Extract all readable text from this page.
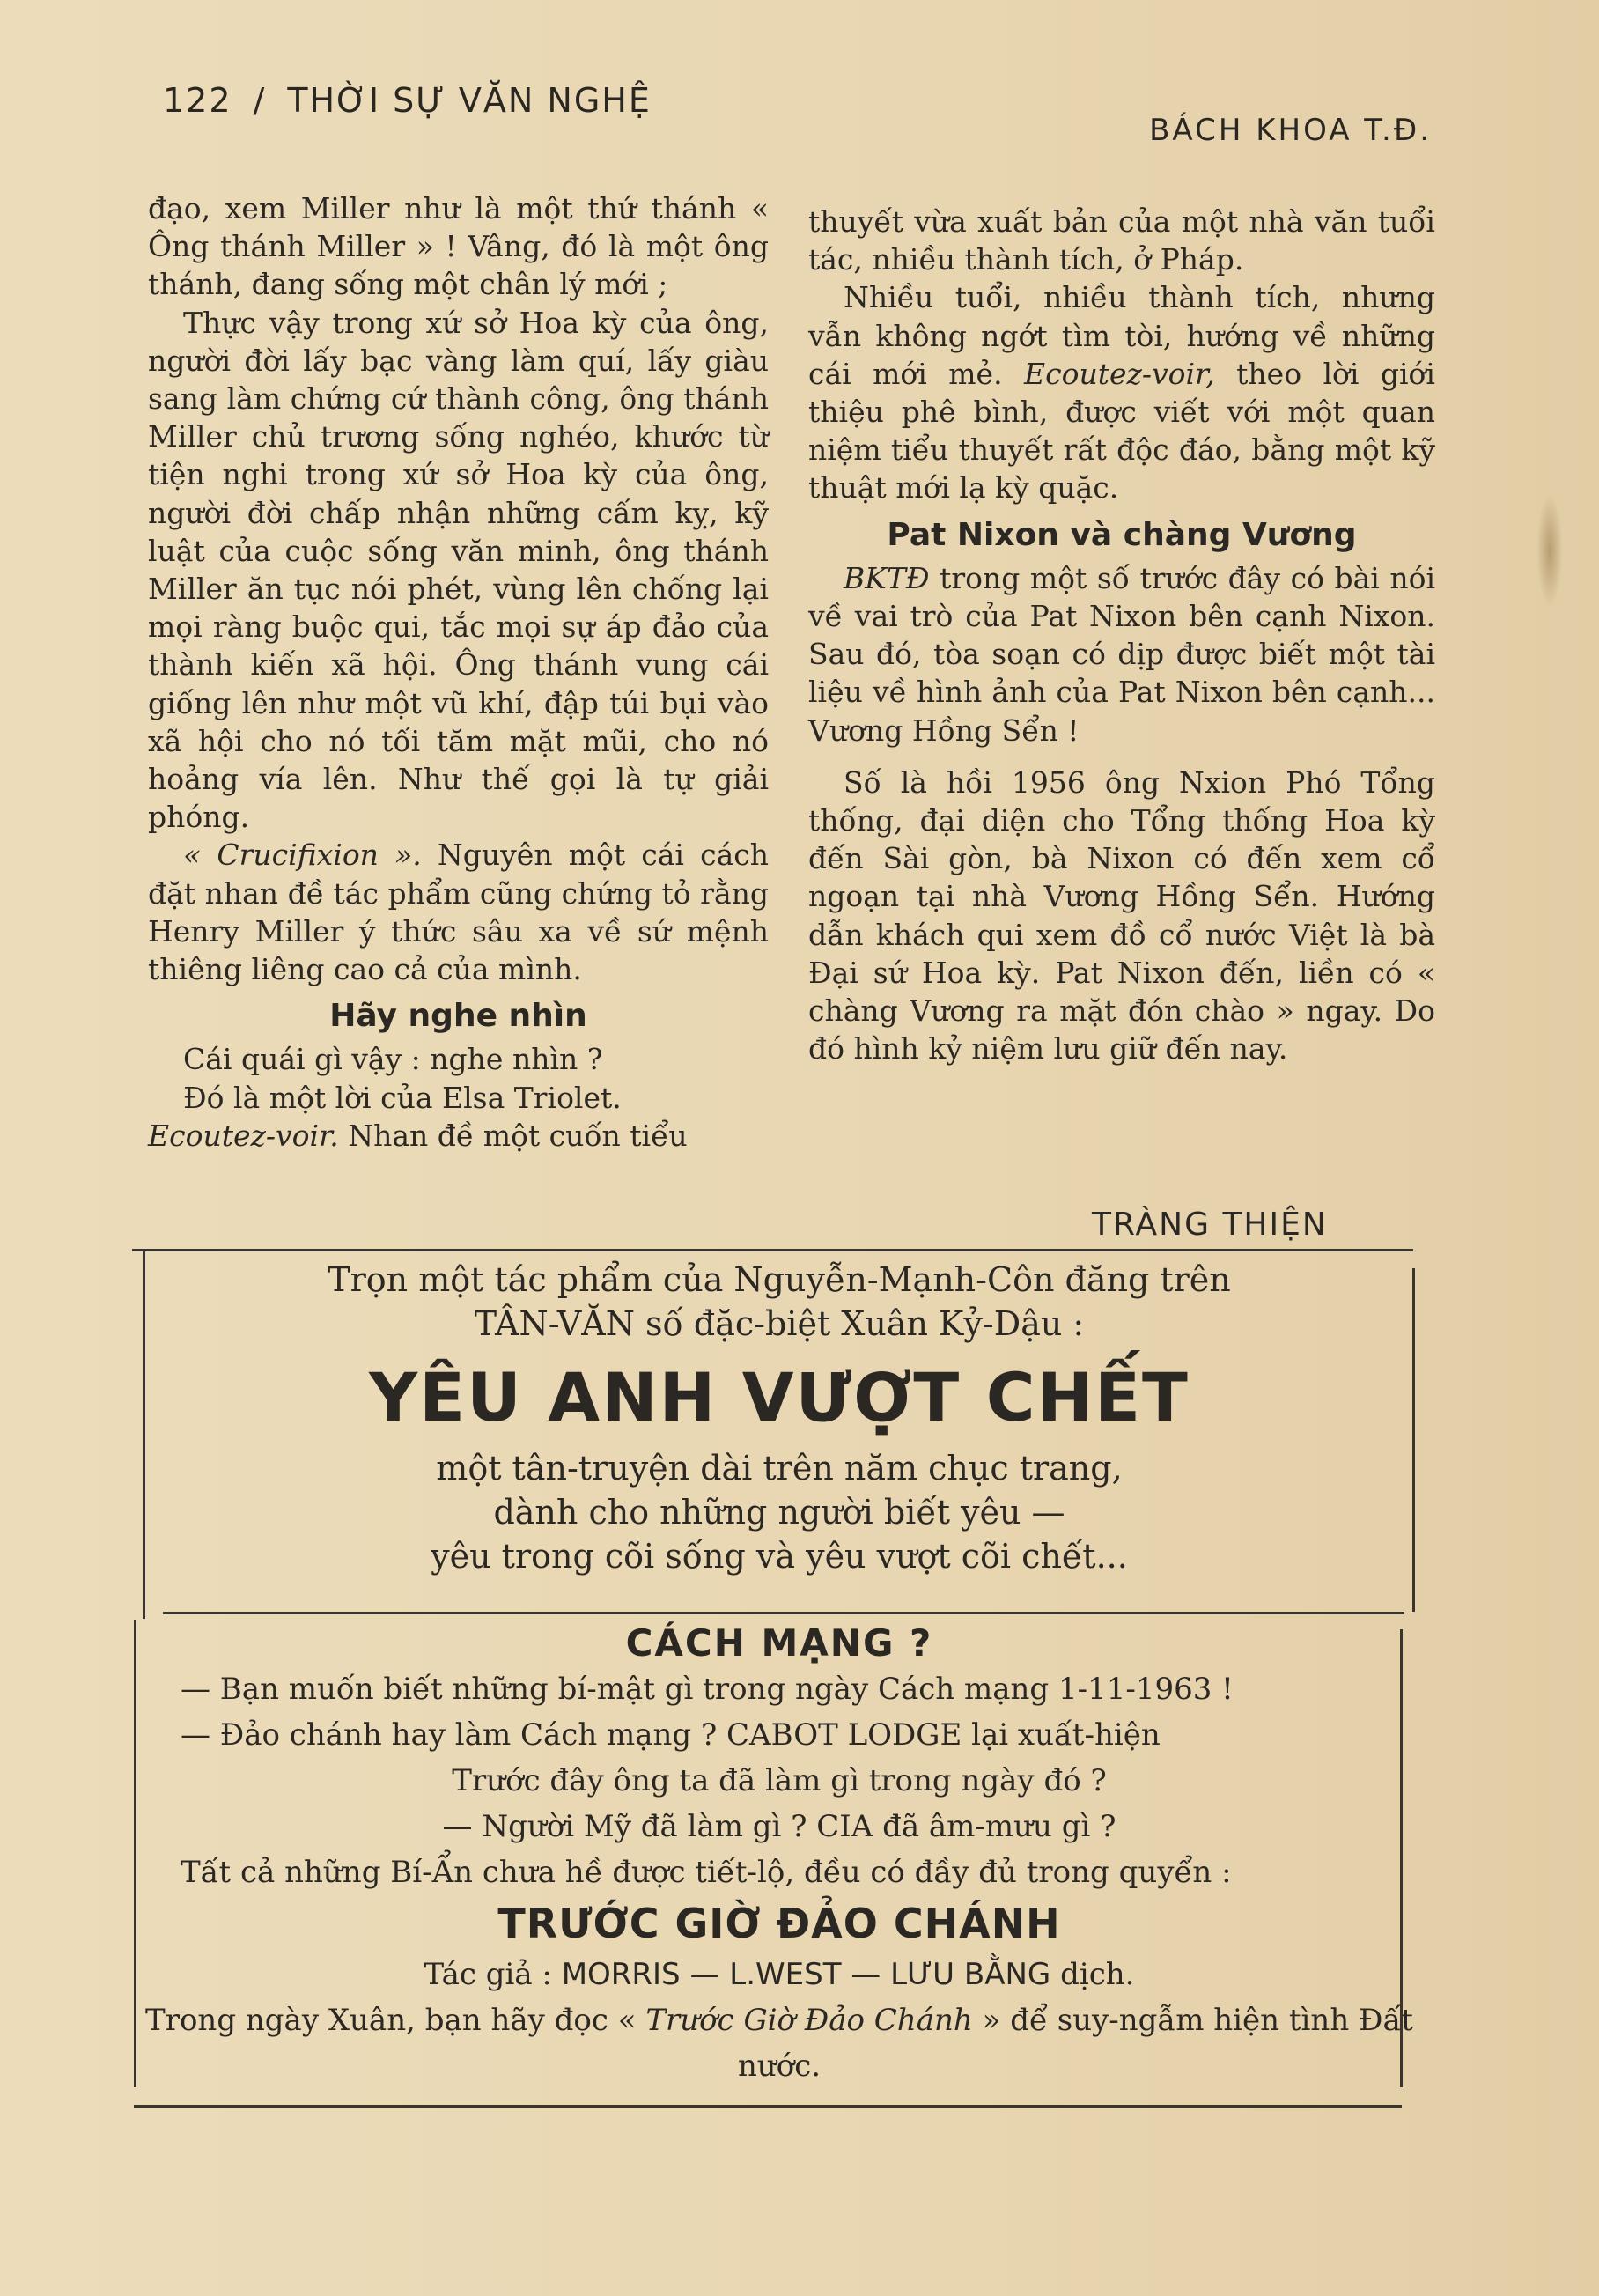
122 / THỜI SỰ VĂN NGHỆ
BÁCH KHOA T.Đ.

đạo, xem Miller như là một thứ thánh « Ông thánh Miller » ! Vâng, đó là một ông thánh, đang sống một chân lý mới ;

Thực vậy trong xứ sở Hoa kỳ của ông, người đời lấy bạc vàng làm quí, lấy giàu sang làm chứng cứ thành công, ông thánh Miller chủ trương sống nghéo, khước từ tiện nghi trong xứ sở Hoa kỳ của ông, người đời chấp nhận những cấm kỵ, kỹ luật của cuộc sống văn minh, ông thánh Miller ăn tục nói phét, vùng lên chống lại mọi ràng buộc qui, tắc mọi sự áp đảo của thành kiến xã hội. Ông thánh vung cái giống lên như một vũ khí, đập túi bụi vào xã hội cho nó tối tăm mặt mũi, cho nó hoảng vía lên. Như thế gọi là tự giải phóng.

« Crucifixion ». Nguyên một cái cách đặt nhan đề tác phẩm cũng chứng tỏ rằng Henry Miller ý thức sâu xa về sứ mệnh thiêng liêng cao cả của mình.

Hãy nghe nhìn

Cái quái gì vậy : nghe nhìn ?

Đó là một lời của Elsa Triolet.

Ecoutez-voir. Nhan đề một cuốn tiểu

thuyết vừa xuất bản của một nhà văn tuổi tác, nhiều thành tích, ở Pháp.

Nhiều tuổi, nhiều thành tích, nhưng vẫn không ngớt tìm tòi, hướng về những cái mới mẻ. Ecoutez-voir, theo lời giới thiệu phê bình, được viết với một quan niệm tiểu thuyết rất độc đáo, bằng một kỹ thuật mới lạ kỳ quặc.

Pat Nixon và chàng Vương

BKTĐ trong một số trước đây có bài nói về vai trò của Pat Nixon bên cạnh Nixon. Sau đó, tòa soạn có dịp được biết một tài liệu về hình ảnh của Pat Nixon bên cạnh... Vương Hồng Sển !

Số là hồi 1956 ông Nxion Phó Tổng thống, đại diện cho Tổng thống Hoa kỳ đến Sài gòn, bà Nixon có đến xem cổ ngoạn tại nhà Vương Hồng Sển. Hướng dẫn khách qui xem đồ cổ nước Việt là bà Đại sứ Hoa kỳ. Pat Nixon đến, liền có « chàng Vương ra mặt đón chào » ngay. Do đó hình kỷ niệm lưu giữ đến nay.

TRÀNG THIỆN
Trọn một tác phẩm của Nguyễn-Mạnh-Côn đăng trên
TÂN-VĂN số đặc-biệt Xuân Kỷ-Dậu :
YÊU ANH VƯỢT CHẾT
một tân-truyện dài trên năm chục trang,
dành cho những người biết yêu —
yêu trong cõi sống và yêu vượt cõi chết...
CÁCH MẠNG ?
— Bạn muốn biết những bí-mật gì trong ngày Cách mạng 1-11-1963 !
— Đảo chánh hay làm Cách mạng ? CABOT LODGE lại xuất-hiện
Trước đây ông ta đã làm gì trong ngày đó ?
— Người Mỹ đã làm gì ? CIA đã âm-mưu gì ?
Tất cả những Bí-Ẩn chưa hề được tiết-lộ, đều có đầy đủ trong quyển :
TRƯỚC GIỜ ĐẢO CHÁNH
Tác giả : MORRIS — L.WEST — LƯU BẰNG dịch.
Trong ngày Xuân, bạn hãy đọc « Trước Giờ Đảo Chánh » để suy-ngẫm hiện tình Đất nước.
